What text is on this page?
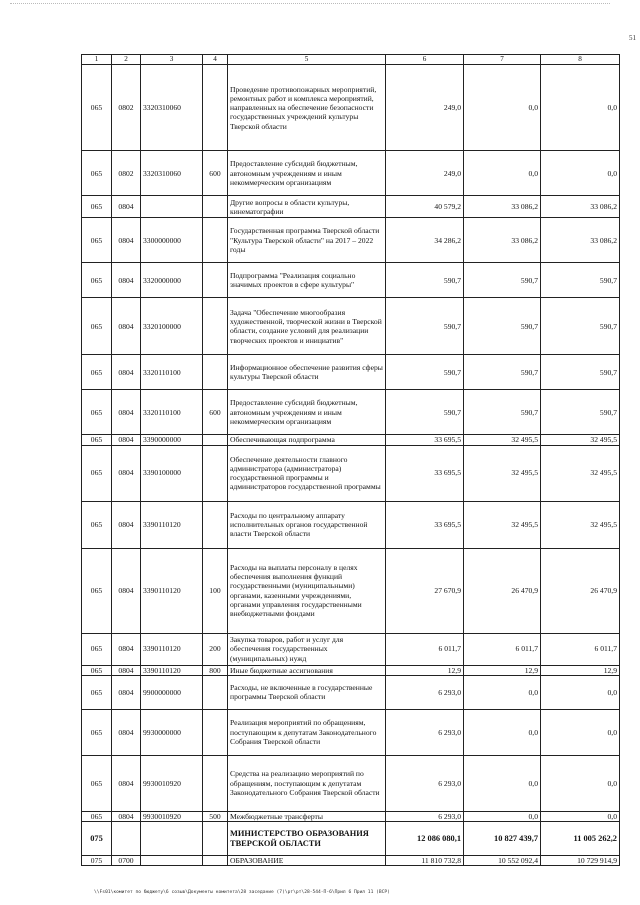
51
1	2	3	4	5	6	7	8
065	0802	3320310060		Проведение противопожарных мероприятий, ремонтных работ и комплекса мероприятий, направленных на обеспечение безопасности государственных учреждений культуры Тверской области	249,0	0,0	0,0
065	0802	3320310060	600	Предоставление субсидий бюджетным, автономным учреждениям и иным некоммерческим организациям	249,0	0,0	0,0
065	0804			Другие вопросы в области культуры, кинематографии	40 579,2	33 086,2	33 086,2
065	0804	3300000000		Государственная программа Тверской области "Культура Тверской области" на 2017 – 2022 годы	34 286,2	33 086,2	33 086,2
065	0804	3320000000		Подпрограмма "Реализация социально значимых проектов в сфере культуры"	590,7	590,7	590,7
065	0804	3320100000		Задача "Обеспечение многообразия художественной, творческой жизни в Тверской области, создание условий для реализации творческих проектов и инициатив"	590,7	590,7	590,7
065	0804	3320110100		Информационное обеспечение развития сферы культуры Тверской области	590,7	590,7	590,7
065	0804	3320110100	600	Предоставление субсидий бюджетным, автономным учреждениям и иным некоммерческим организациям	590,7	590,7	590,7
065	0804	3390000000		Обеспечивающая подпрограмма	33 695,5	32 495,5	32 495,5
065	0804	3390100000		Обеспечение деятельности главного администратора (администратора) государственной программы и администраторов государственной программы	33 695,5	32 495,5	32 495,5
065	0804	3390110120		Расходы по центральному аппарату исполнительных органов государственной власти Тверской области	33 695,5	32 495,5	32 495,5
065	0804	3390110120	100	Расходы на выплаты персоналу в целях обеспечения выполнения функций государственными (муниципальными) органами, казенными учреждениями, органами управления государственными внебюджетными фондами	27 670,9	26 470,9	26 470,9
065	0804	3390110120	200	Закупка товаров, работ и услуг для обеспечения государственных (муниципальных) нужд	6 011,7	6 011,7	6 011,7
065	0804	3390110120	800	Иные бюджетные ассигнования	12,9	12,9	12,9
065	0804	9900000000		Расходы, не включенные в государственные программы Тверской области	6 293,0	0,0	0,0
065	0804	9930000000		Реализация мероприятий по обращениям, поступающим к депутатам Законодательного Собрания Тверской области	6 293,0	0,0	0,0
065	0804	9930010920		Средства на реализацию мероприятий по обращениям, поступающим к депутатам Законодательного Собрания Тверской области	6 293,0	0,0	0,0
065	0804	9930010920	500	Межбюджетные трансферты	6 293,0	0,0	0,0
075				МИНИСТЕРСТВО ОБРАЗОВАНИЯ ТВЕРСКОЙ ОБЛАСТИ	12 086 080,1	10 827 439,7	11 005 262,2
075	0700			ОБРАЗОВАНИЕ	11 810 732,8	10 552 092,4	10 729 914,9
\\Fs01\комитет по бюджету\6 созыв\Документы комитета\28 заседание (7)\рт\рт\28-544-П-6\Прил 6 Прил 11 (ВСР)
